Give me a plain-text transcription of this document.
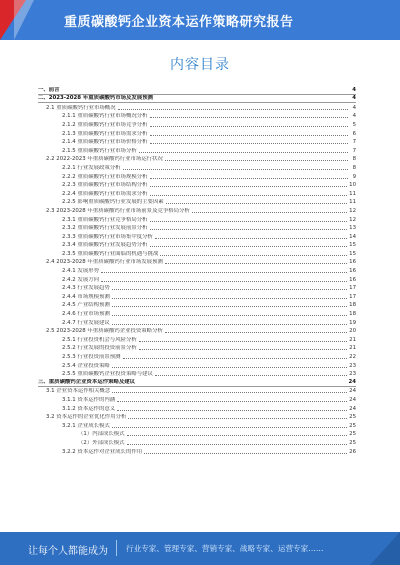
重质碳酸钙企业资本运作策略研究报告
内容目录
一、前言	4
二、2023-2028 年重质碳酸钙市场及发展预测	4
2.1 重质碳酸钙行业市场概况	4
2.1.1 重质碳酸钙行业市场概况分析	4
2.1.2 重质碳酸钙行业市场竞争分析	5
2.1.3 重质碳酸钙行业市场需求分析	6
2.1.4 重质碳酸钙行业市场价格分析	7
2.1.5 重质碳酸钙行业市场分析	7
2.2 2022-2023 年重质碳酸钙行业市场运行状况	8
2.2.1 行业发展政策分析	8
2.2.2 重质碳酸钙行业市场规模分析	9
2.2.3 重质碳酸钙行业市场结构分析	10
2.2.4 重质碳酸钙行业市场需求分析	11
2.2.5 影响重质碳酸钙行业发展的主要因素	11
2.3 2023-2028 年重质碳酸钙行业市场前景及竞争格局分析	12
2.3.1 重质碳酸钙行业竞争格局分析	12
2.3.2 重质碳酸钙行业发展前景分析	13
2.3.3 重质碳酸钙行业市场集中度分析	14
2.3.4 重质碳酸钙行业发展趋势分析	15
2.3.5 重质碳酸钙行业面临的机遇与挑战	15
2.4 2023-2028 年重质碳酸钙行业市场发展预测	16
2.4.1 发展形势	16
2.4.2 发展方向	16
2.4.3 行业发展趋势	17
2.4.4 市场规模预测	17
2.4.5 产业结构预测	18
2.4.6 行业市场预测	18
2.4.7 行业发展建议	19
2.5 2023-2028 年重质碳酸钙企业投资策略分析	20
2.5.1 行业投资机会与风险分析	21
2.5.2 行业发展的投资前景分析	21
2.5.3 行业投资前景预测	22
2.5.4 企业投资策略	23
2.5.5 重质碳酸钙企业投资策略与建议	23
三、重质碳酸钙企业资本运作策略及建议	24
3.1 企业资本运作相关概念	24
3.1.1 资本运作的内涵	24
3.1.2 资本运作的意义	24
3.2 资本运作的企业优化作用分析	25
3.2.1 企业成长模式	25
（1）内部成长模式	25
（2）外部成长模式	25
3.2.2 资本运作对企业成长的作用	26
让每个人都能成为 行业专家、管理专家、营销专家、战略专家、运营专家……
